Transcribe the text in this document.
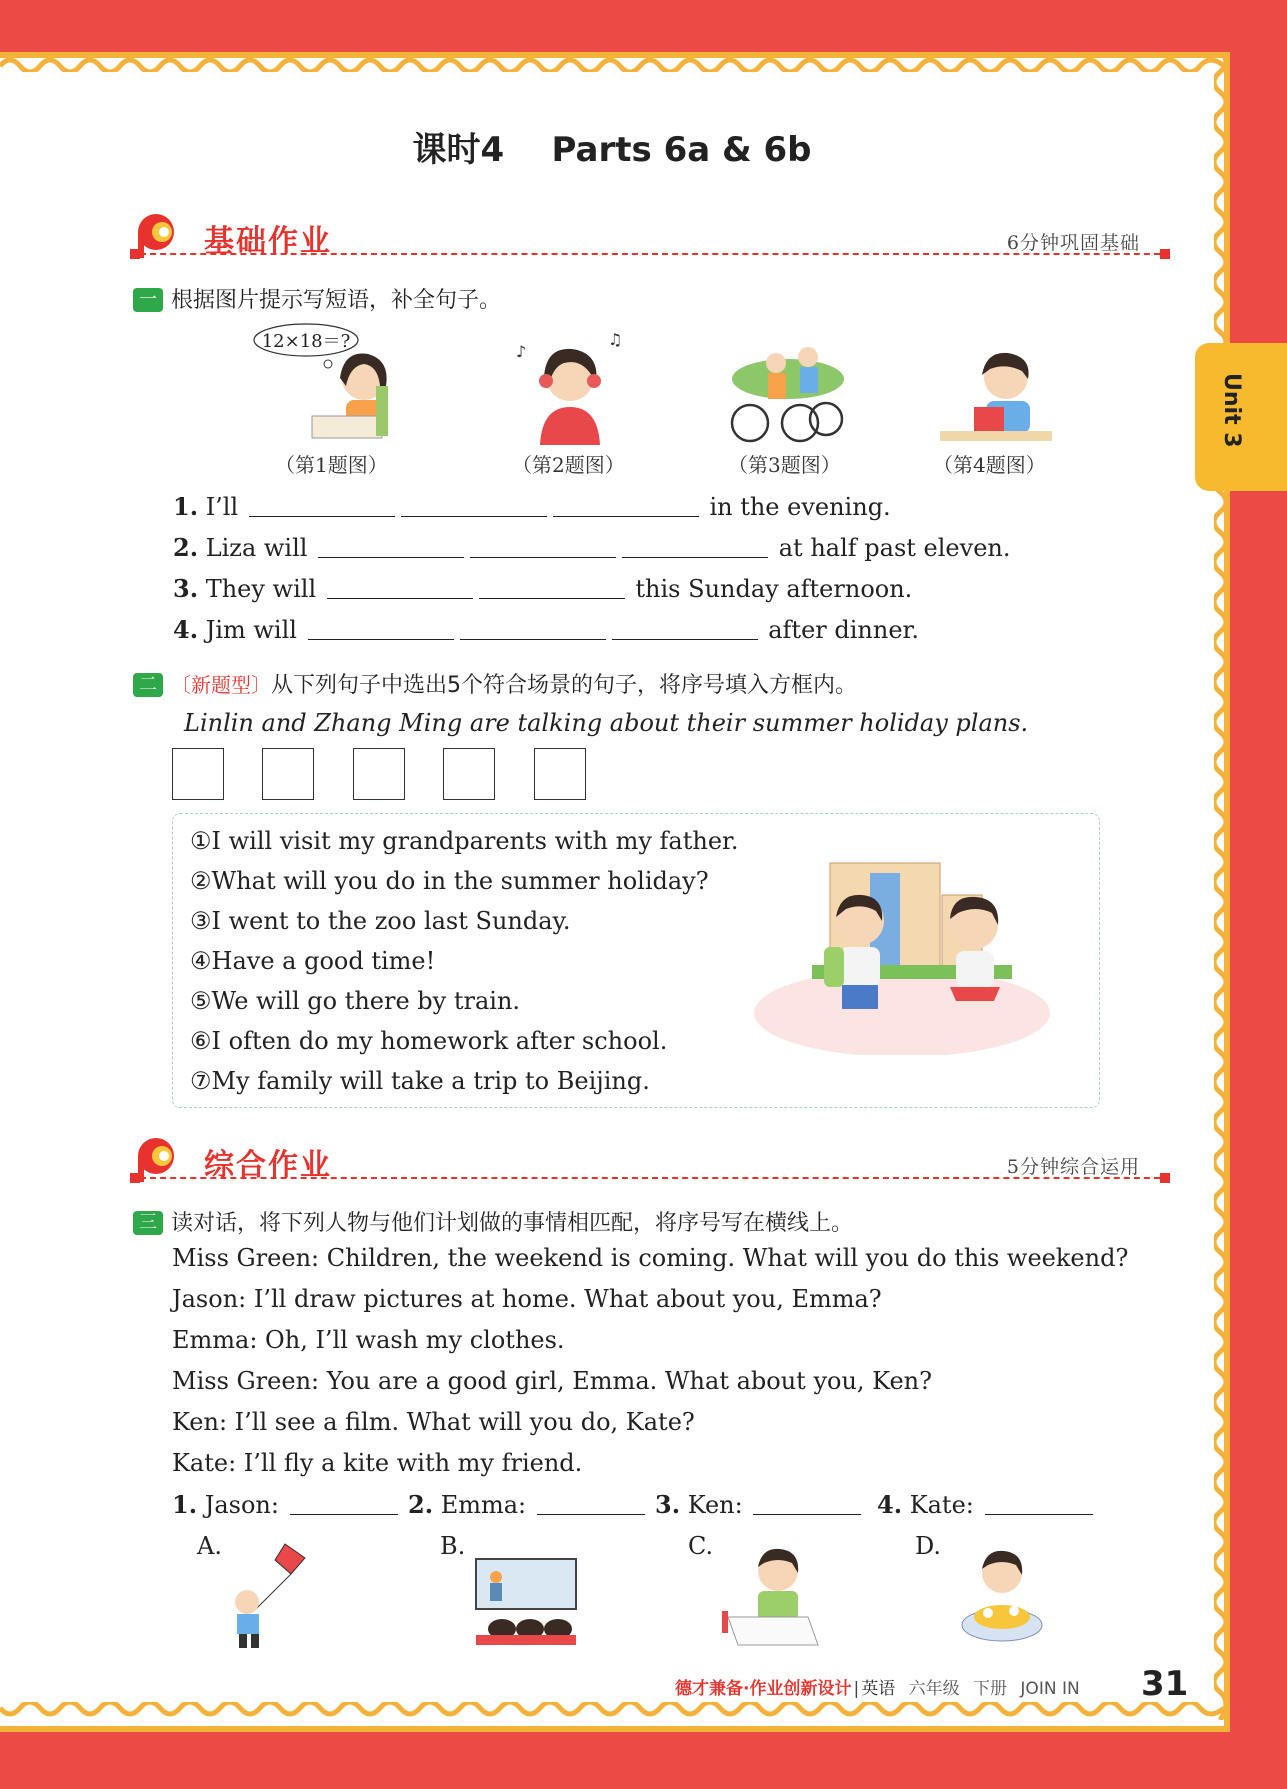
Unit 3
课时4    Parts 6a & 6b
基础作业	6分钟巩固基础
一 根据图片提示写短语，补全句子。
12×18＝?	♪
♫
（第1题图）	（第2题图）	（第3题图）	（第4题图）
1. I’ll	in the evening.
2. Liza will	at half past eleven.
3. They will	this Sunday afternoon.
4. Jim will	after dinner.
二 〔新题型〕从下列句子中选出5个符合场景的句子，将序号填入方框内。
Linlin and Zhang Ming are talking about their summer holiday plans.
①I will visit my grandparents with my father.
②What will you do in the summer holiday?
③I went to the zoo last Sunday.
④Have a good time!
⑤We will go there by train.
⑥I often do my homework after school.
⑦My family will take a trip to Beijing.
综合作业	5分钟综合运用
三 读对话，将下列人物与他们计划做的事情相匹配，将序号写在横线上。
Miss Green: Children, the weekend is coming. What will you do this weekend?
Jason: I’ll draw pictures at home. What about you, Emma?
Emma: Oh, I’ll wash my clothes.
Miss Green: You are a good girl, Emma. What about you, Ken?
Ken: I’ll see a film. What will you do, Kate?
Kate: I’ll fly a kite with my friend.
1. Jason:	2. Emma:	3. Ken:	4. Kate:
A.	B.	C.	D.
德才兼备·作业创新设计 | 英语 六年级 下册 JOIN IN 31
